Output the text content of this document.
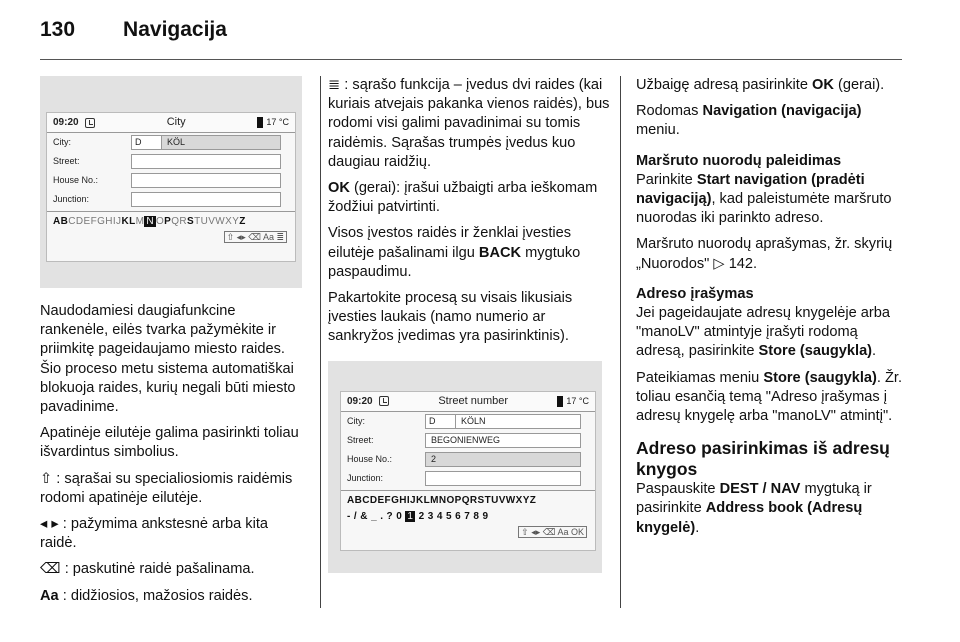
130 Navigacija
09:20	City	17 °C
City:	D	KÖL
Street:
House No.:
Junction:
ABCDEFGHIJKLM N OPQRSTUVWXYZ
⇧ ◂▸ ⌫ Aa ≣

Naudodamiesi daugiafunkcine rankenėle, eilės tvarka pažymėkite ir priimkitę pageidaujamo miesto raides. Šio proceso metu sistema automatiškai blokuoja raides, kurių negali būti miesto pavadinime.

Apatinėje eilutėje galima pasirinkti toliau išvardintus simbolius.

⇧ : sąrašai su specialiosiomis raidėmis rodomi apatinėje eilutėje.

◂ ▸ : pažymima ankstesnė arba kita raidė.

⌫ : paskutinė raidė pašalinama.

Aa : didžiosios, mažosios raidės.

≣ : sąrašo funkcija – įvedus dvi raides (kai kuriais atvejais pakanka vienos raidės), bus rodomi visi galimi pavadinimai su tomis raidėmis. Sąrašas trumpės įvedus kuo daugiau raidžių.

OK (gerai): įrašui užbaigti arba ieškomam žodžiui patvirtinti.

Visos įvestos raidės ir ženklai įvesties eilutėje pašalinami ilgu BACK mygtuko paspaudimu.

Pakartokite procesą su visais likusiais įvesties laukais (namo numerio ar sankryžos įvedimas yra pasirinktinis).

09:20	Street number	17 °C
City:	D	KÖLN
Street:	BEGONIENWEG
House No.:	2
Junction:
ABCDEFGHIJKLMNOPQRSTUVWXYZ
- / & _ . ? 0 1 2 3 4 5 6 7 8 9
⇧ ◂▸ ⌫ Aa OK

Užbaigę adresą pasirinkite OK (gerai).

Rodomas Navigation (navigacija) meniu.

Maršruto nuorodų paleidimas

Parinkite Start navigation (pradėti navigaciją), kad paleistumėte maršruto nuorodas iki parinkto adreso.

Maršruto nuorodų aprašymas, žr. skyrių „Nuorodos" ▷ 142.

Adreso įrašymas

Jei pageidaujate adresų knygelėje arba "manoLV" atmintyje įrašyti rodomą adresą, pasirinkite Store (saugykla).

Pateikiamas meniu Store (saugykla). Žr. toliau esančią temą "Adreso įrašymas į adresų knygelę arba "manoLV" atmintį".

Adreso pasirinkimas iš adresų knygos

Paspauskite DEST / NAV mygtuką ir pasirinkite Address book (Adresų knygelė).
